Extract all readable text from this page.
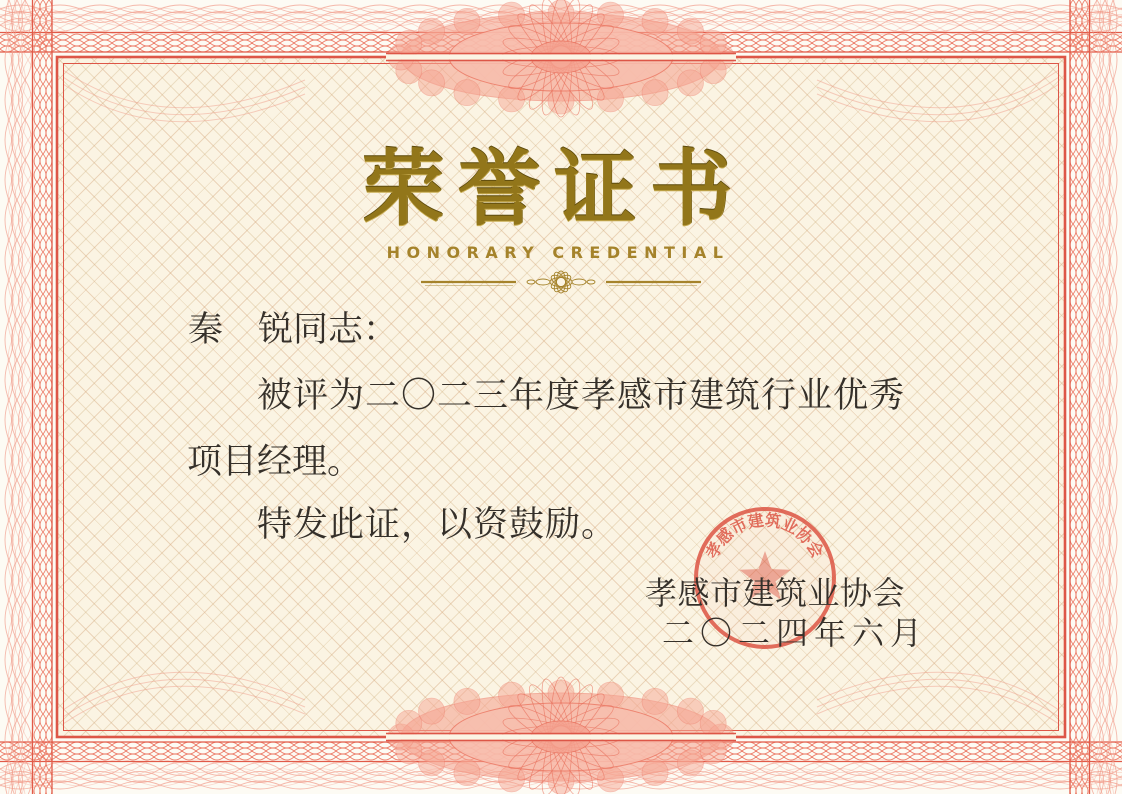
孝感市建筑业协会
荣誉证书
HONORARY CREDENTIAL
秦　锐同志：
被评为二〇二三年度孝感市建筑行业优秀
项目经理。
特发此证，以资鼓励。
孝感市建筑业协会
二〇二四年六月
